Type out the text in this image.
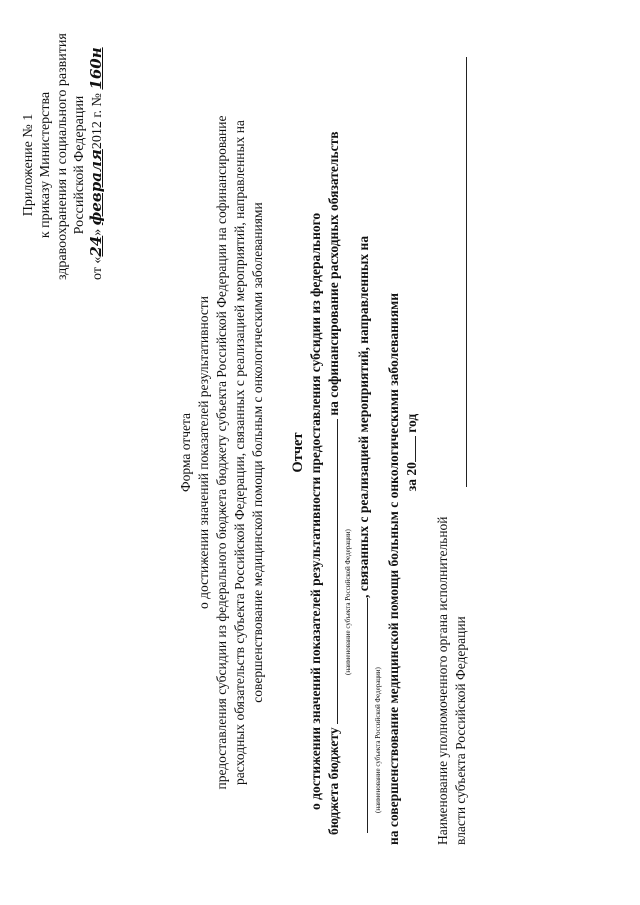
Приложение № 1 к приказу Министерства здравоохранения и социального развития Российской Федерации
от «24» февраля2012 г. № 160н
Форма отчета о достижении значений показателей результативности предоставления субсидии из федерального бюджета бюджету субъекта Российской Федерации на софинансирование расходных обязательств субъекта Российской Федерации, связанных с реализацией мероприятий, направленных на совершенствование медицинской помощи больным с онкологическими заболеваниями Отчет о достижении значений показателей результативности предоставления субсидии из федерального бюджета бюджету  на софинансирование расходных обязательств
(наименование субъекта Российской Федерации)
, связанных с реализацией мероприятий, направленных на
(наименование субъекта Российской Федерации) на совершенствование медицинской помощи больным с онкологическими заболеваниями за 20 год
Наименование уполномоченного органа исполнительной власти субъекта Российской Федерации
